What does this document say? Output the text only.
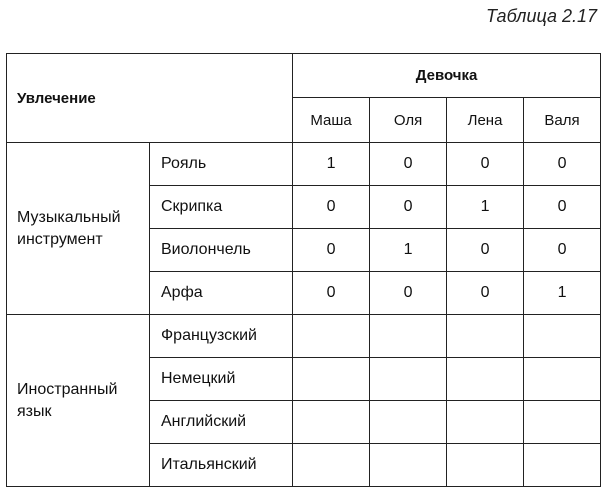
Таблица 2.17
Увлечение		Девочка			
		Маша	Оля	Лена	Валя
Музыкальный инструмент	Рояль	1	0	0	0
	Скрипка	0	0	1	0
	Виолончель	0	1	0	0
	Арфа	0	0	0	1
Иностранный язык	Французский				
	Немецкий				
	Английский				
	Итальянский				
